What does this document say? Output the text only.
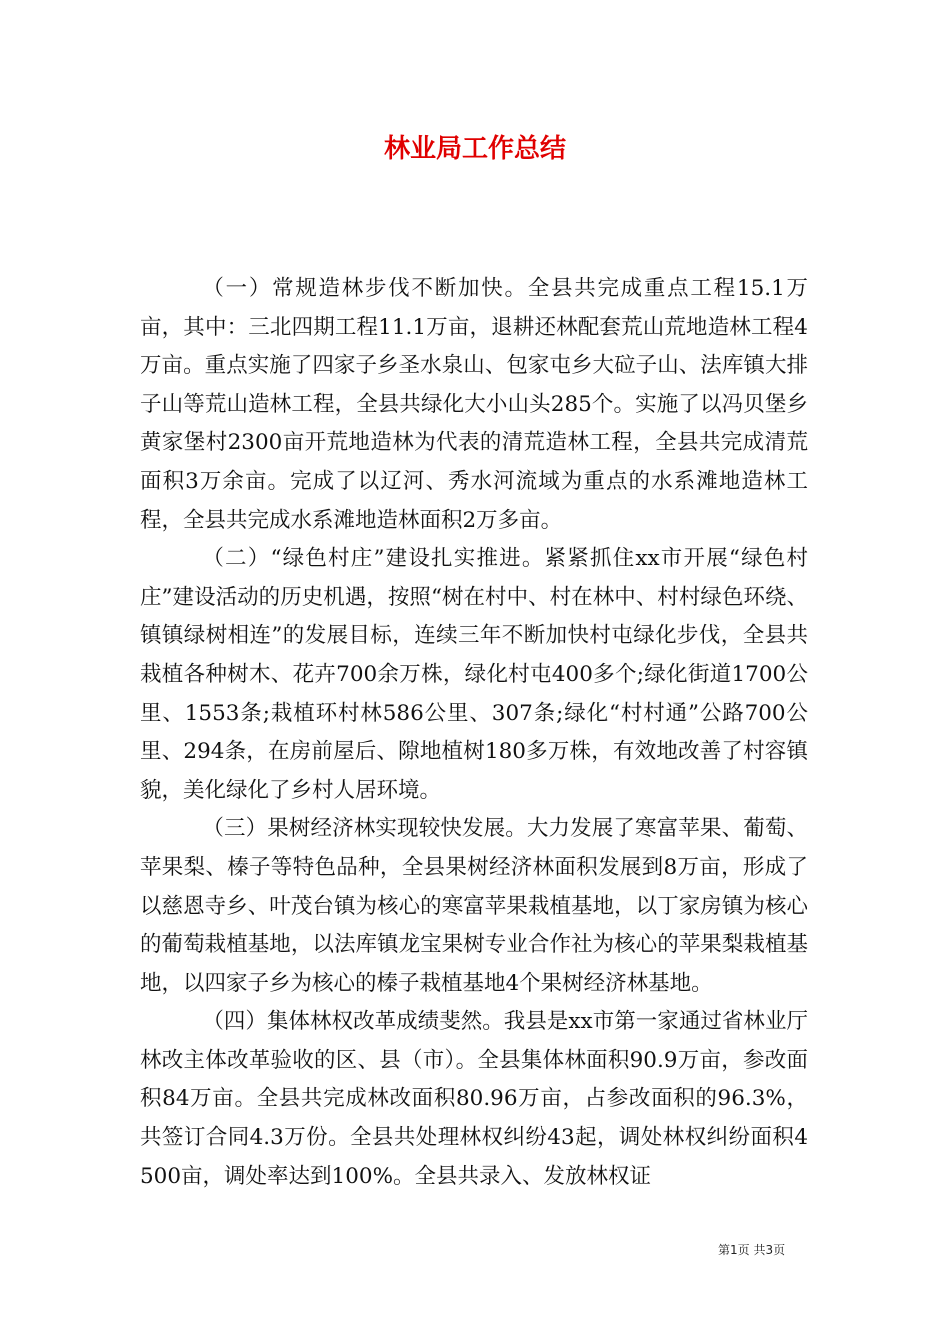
林业局工作总结

（一）常规造林步伐不断加快。全县共完成重点工程15.1万亩，其中：三北四期工程11.1万亩，退耕还林配套荒山荒地造林工程4万亩。重点实施了四家子乡圣水泉山、包家屯乡大砬子山、法库镇大排子山等荒山造林工程，全县共绿化大小山头285个。实施了以冯贝堡乡黄家堡村2300亩开荒地造林为代表的清荒造林工程，全县共完成清荒面积3万余亩。完成了以辽河、秀水河流域为重点的水系滩地造林工程，全县共完成水系滩地造林面积2万多亩。

（二）“绿色村庄”建设扎实推进。紧紧抓住xx市开展“绿色村庄”建设活动的历史机遇，按照“树在村中、村在林中、村村绿色环绕、镇镇绿树相连”的发展目标，连续三年不断加快村屯绿化步伐，全县共栽植各种树木、花卉700余万株，绿化村屯400多个;绿化街道1700公里、1553条;栽植环村林586公里、307条;绿化“村村通”公路700公里、294条，在房前屋后、隙地植树180多万株，有效地改善了村容镇貌，美化绿化了乡村人居环境。

（三）果树经济林实现较快发展。大力发展了寒富苹果、葡萄、苹果梨、榛子等特色品种，全县果树经济林面积发展到8万亩，形成了以慈恩寺乡、叶茂台镇为核心的寒富苹果栽植基地，以丁家房镇为核心的葡萄栽植基地，以法库镇龙宝果树专业合作社为核心的苹果梨栽植基地，以四家子乡为核心的榛子栽植基地4个果树经济林基地。

（四）集体林权改革成绩斐然。我县是xx市第一家通过省林业厅林改主体改革验收的区、县（市）。全县集体林面积90.9万亩，参改面积84万亩。全县共完成林改面积80.96万亩，占参改面积的96.3%，共签订合同4.3万份。全县共处理林权纠纷43起，调处林权纠纷面积4500亩，调处率达到100%。全县共录入、发放林权证

第1页 共3页
